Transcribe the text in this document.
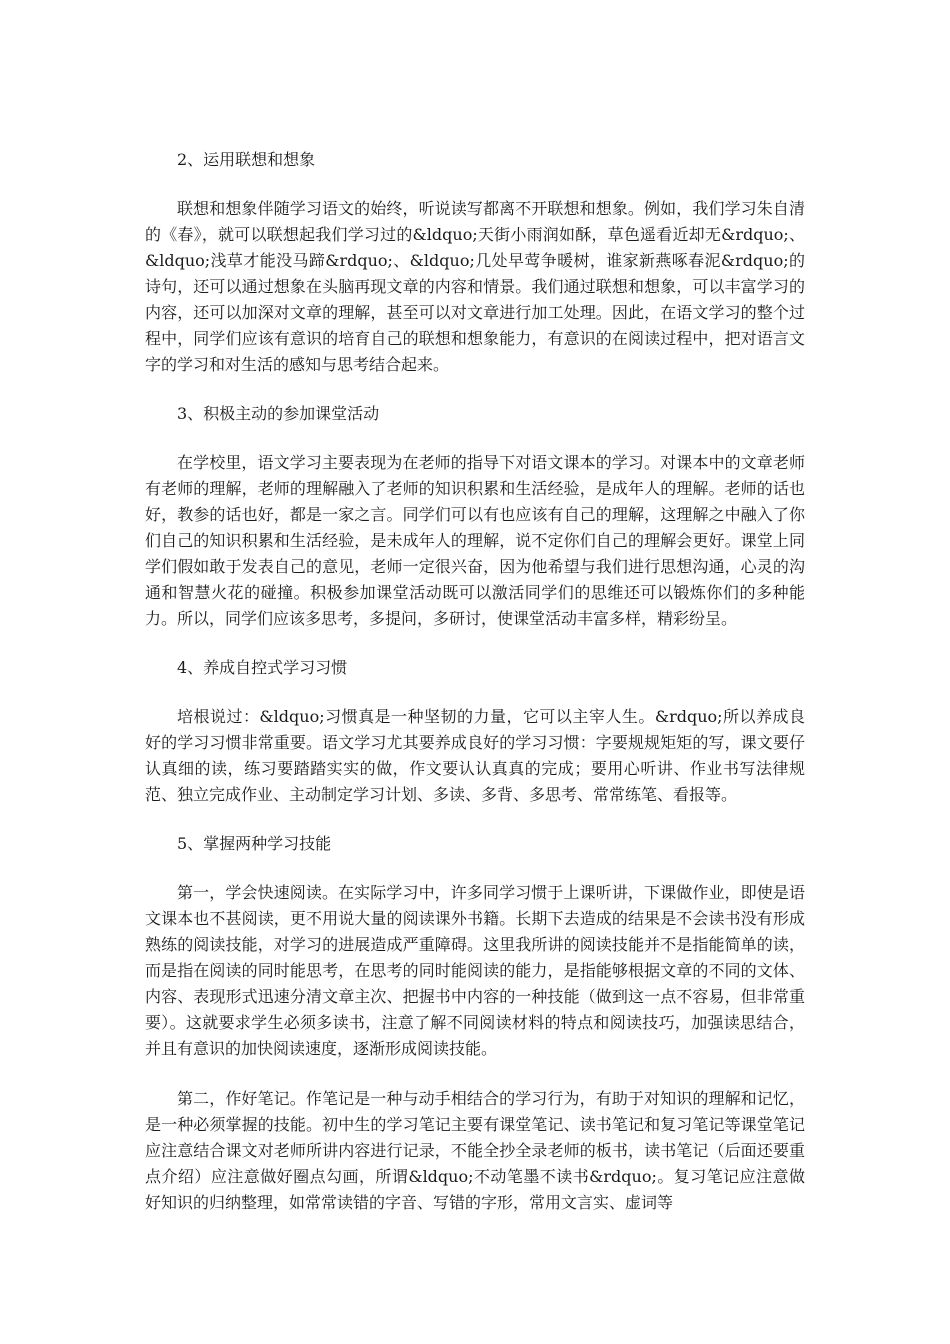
2、运用联想和想象

联想和想象伴随学习语文的始终，听说读写都离不开联想和想象。例如，我们学习朱自清的《春》，就可以联想起我们学习过的&ldquo;天街小雨润如酥，草色遥看近却无&rdquo;、&ldquo;浅草才能没马蹄&rdquo;、&ldquo;几处早莺争暖树，谁家新燕啄春泥&rdquo;的诗句，还可以通过想象在头脑再现文章的内容和情景。我们通过联想和想象，可以丰富学习的内容，还可以加深对文章的理解，甚至可以对文章进行加工处理。因此，在语文学习的整个过程中，同学们应该有意识的培育自己的联想和想象能力，有意识的在阅读过程中，把对语言文字的学习和对生活的感知与思考结合起来。

3、积极主动的参加课堂活动

在学校里，语文学习主要表现为在老师的指导下对语文课本的学习。对课本中的文章老师有老师的理解，老师的理解融入了老师的知识积累和生活经验，是成年人的理解。老师的话也好，教参的话也好，都是一家之言。同学们可以有也应该有自己的理解，这理解之中融入了你们自己的知识积累和生活经验，是未成年人的理解，说不定你们自己的理解会更好。课堂上同学们假如敢于发表自己的意见，老师一定很兴奋，因为他希望与我们进行思想沟通，心灵的沟通和智慧火花的碰撞。积极参加课堂活动既可以激活同学们的思维还可以锻炼你们的多种能力。所以，同学们应该多思考，多提问，多研讨，使课堂活动丰富多样，精彩纷呈。

4、养成自控式学习习惯

培根说过：&ldquo;习惯真是一种坚韧的力量，它可以主宰人生。&rdquo;所以养成良好的学习习惯非常重要。语文学习尤其要养成良好的学习习惯：字要规规矩矩的写，课文要仔认真细的读，练习要踏踏实实的做，作文要认认真真的完成；要用心听讲、作业书写法律规范、独立完成作业、主动制定学习计划、多读、多背、多思考、常常练笔、看报等。

5、掌握两种学习技能

第一，学会快速阅读。在实际学习中，许多同学习惯于上课听讲，下课做作业，即使是语文课本也不甚阅读，更不用说大量的阅读课外书籍。长期下去造成的结果是不会读书没有形成熟练的阅读技能，对学习的进展造成严重障碍。这里我所讲的阅读技能并不是指能简单的读，而是指在阅读的同时能思考，在思考的同时能阅读的能力，是指能够根据文章的不同的文体、内容、表现形式迅速分清文章主次、把握书中内容的一种技能（做到这一点不容易，但非常重要）。这就要求学生必须多读书，注意了解不同阅读材料的特点和阅读技巧，加强读思结合，并且有意识的加快阅读速度，逐渐形成阅读技能。

第二，作好笔记。作笔记是一种与动手相结合的学习行为，有助于对知识的理解和记忆，是一种必须掌握的技能。初中生的学习笔记主要有课堂笔记、读书笔记和复习笔记等课堂笔记应注意结合课文对老师所讲内容进行记录，不能全抄全录老师的板书，读书笔记（后面还要重点介绍）应注意做好圈点勾画，所谓&ldquo;不动笔墨不读书&rdquo;。复习笔记应注意做好知识的归纳整理，如常常读错的字音、写错的字形，常用文言实、虚词等
